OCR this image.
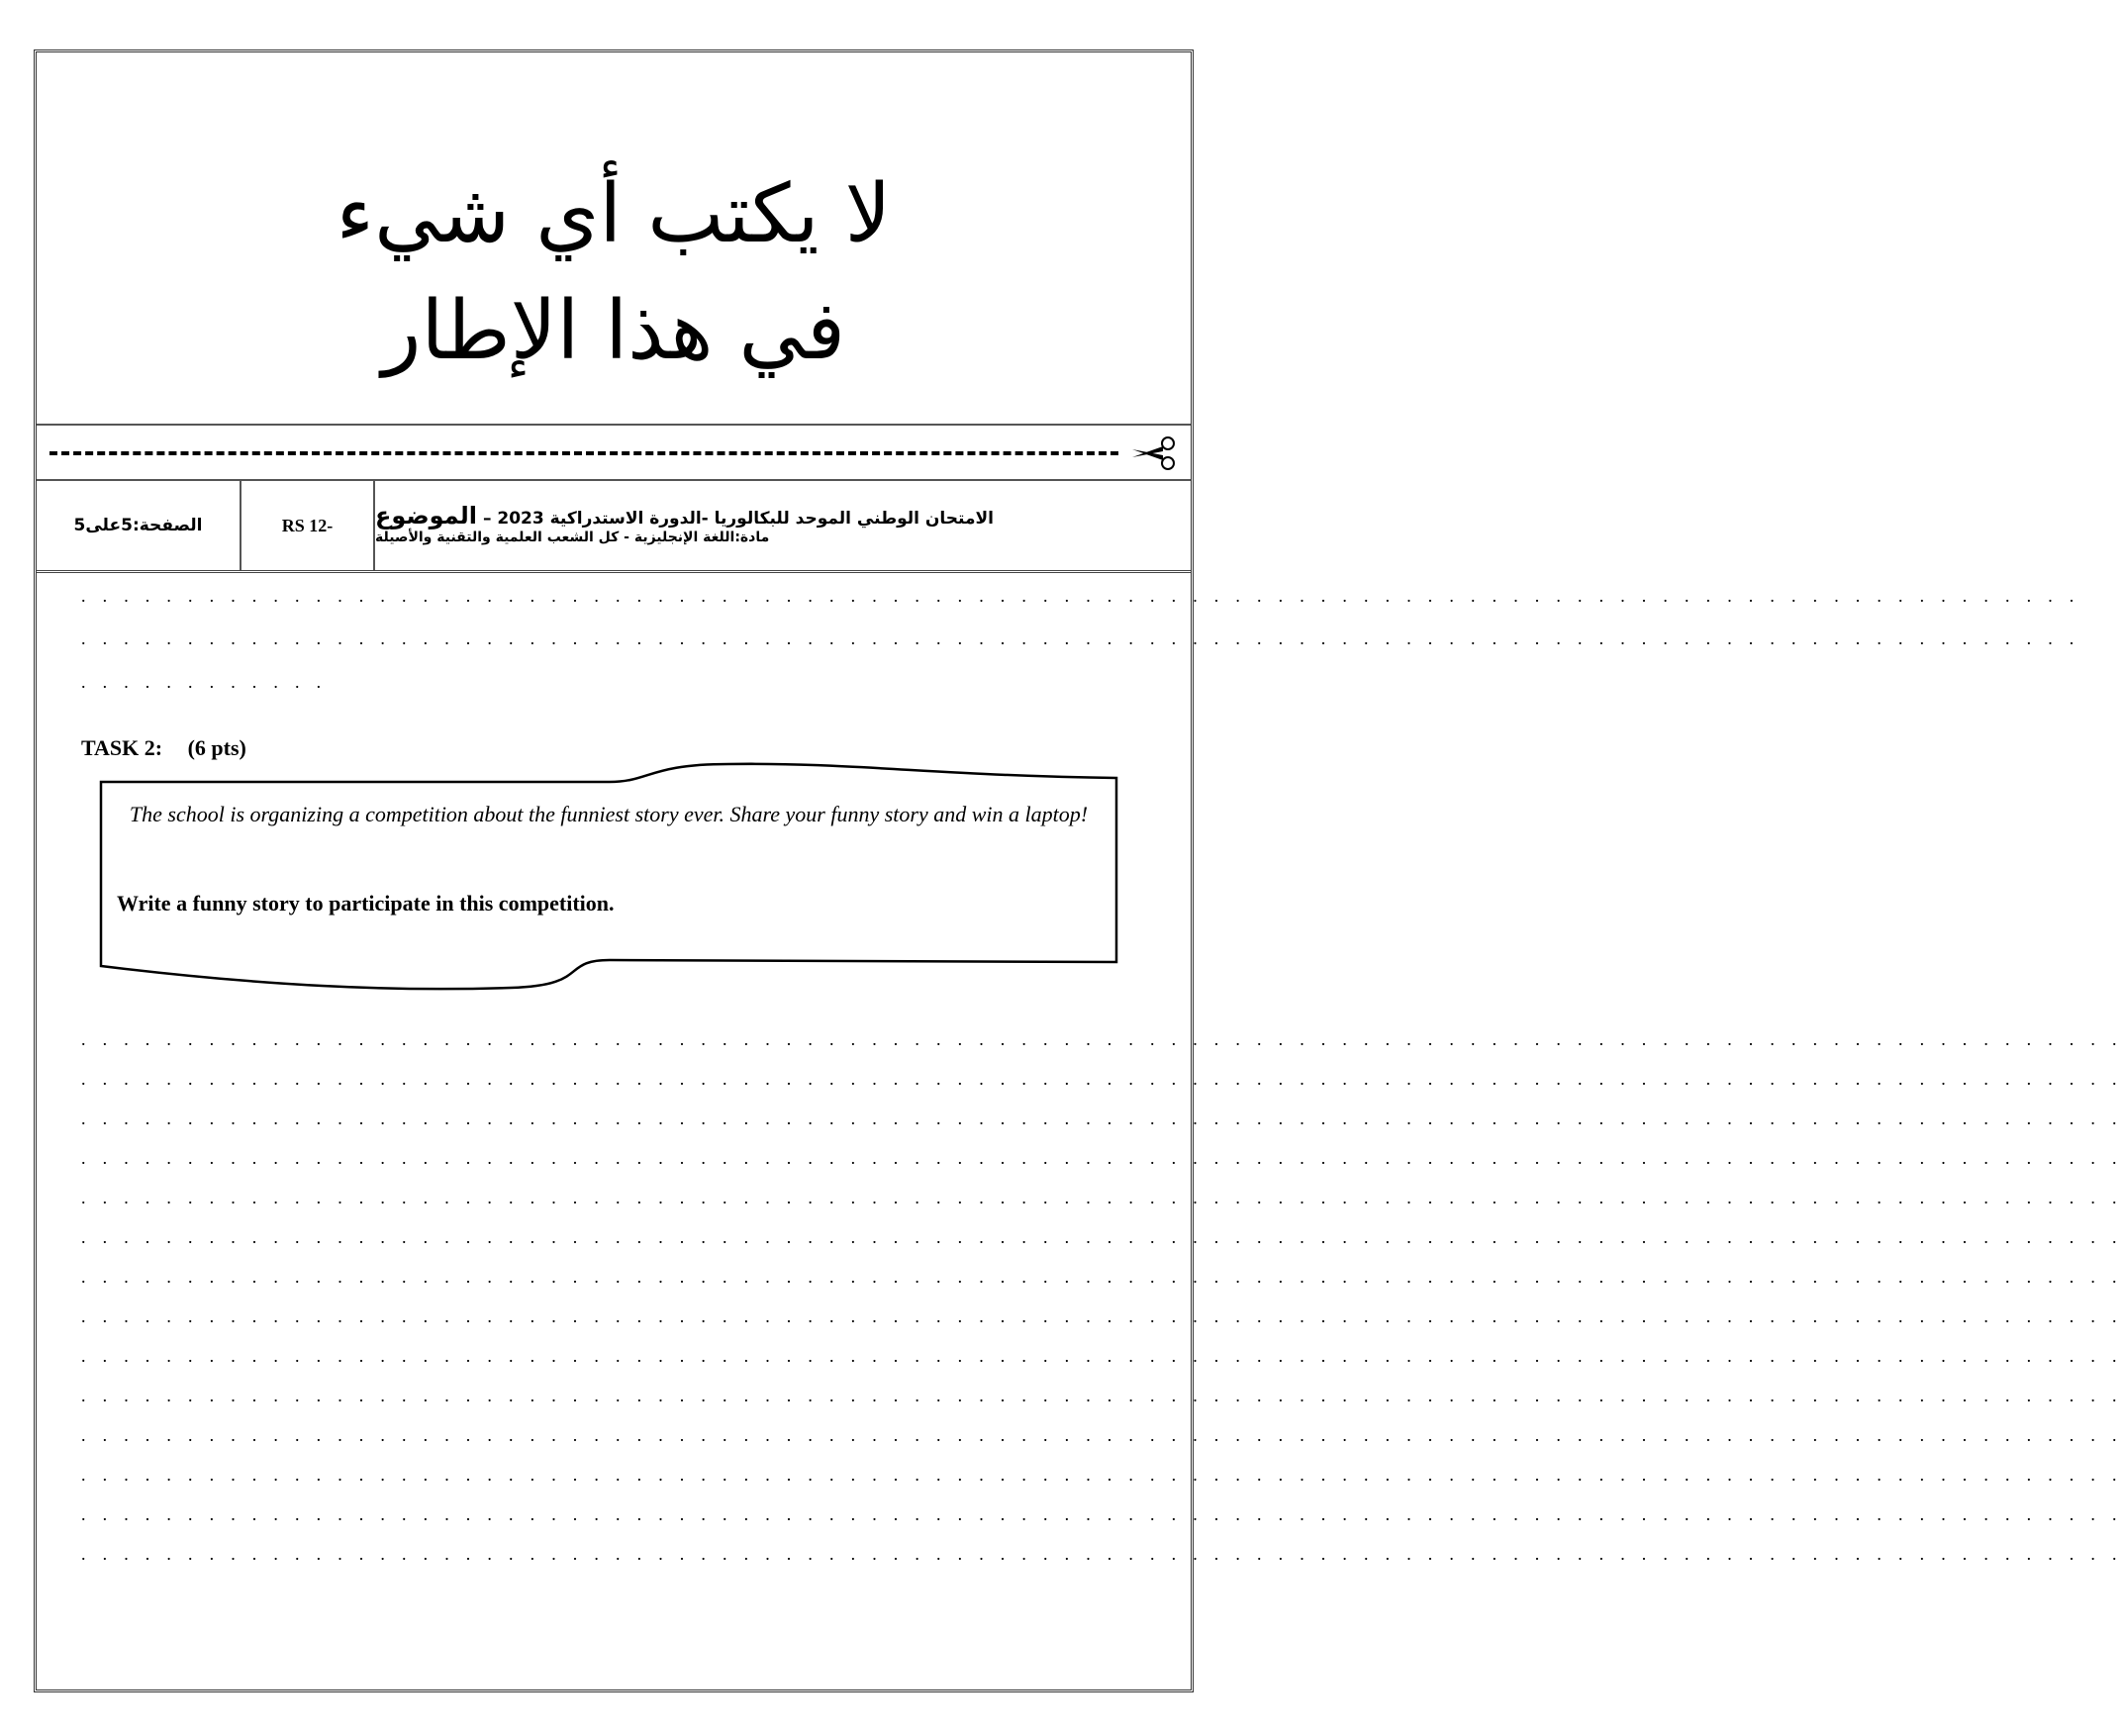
لا يكتب أي شيء
في هذا الإطار
الصفحة:5على5	RS 12-	الامتحان الوطني الموحد للبكالوريا -الدورة الاستدراكية 2023 – الموضوع
مادة:اللغة الإنجليزية - كل الشعب العلمية والتقنية والأصيلة
. . . . . . . . . . . . . . . . . . . . . . . . . . . . . . . . . . . . . . . . . . . . . . . . . . . . . . . . . . . . . . . . . . . . . . . . . . . . . . . . . . . . . . . . . . . . . .
. . . . . . . . . . . . . . . . . . . . . . . . . . . . . . . . . . . . . . . . . . . . . . . . . . . . . . . . . . . . . . . . . . . . . . . . . . . . . . . . . . . . . . . . . . . . . .
. . . . . . . . . . . .
TASK 2: (6 pts)
The school is organizing a competition about the funniest story ever. Share your funny story and win a laptop!
Write a funny story to participate in this competition.
. . . . . . . . . . . . . . . . . . . . . . . . . . . . . . . . . . . . . . . . . . . . . . . . . . . . . . . . . . . . . . . . . . . . . . . . . . . . . . . . . . . . . . . . . . . . . . . .
. . . . . . . . . . . . . . . . . . . . . . . . . . . . . . . . . . . . . . . . . . . . . . . . . . . . . . . . . . . . . . . . . . . . . . . . . . . . . . . . . . . . . . . . . . . . . . . .
. . . . . . . . . . . . . . . . . . . . . . . . . . . . . . . . . . . . . . . . . . . . . . . . . . . . . . . . . . . . . . . . . . . . . . . . . . . . . . . . . . . . . . . . . . . . . . . .
. . . . . . . . . . . . . . . . . . . . . . . . . . . . . . . . . . . . . . . . . . . . . . . . . . . . . . . . . . . . . . . . . . . . . . . . . . . . . . . . . . . . . . . . . . . . . . . .
. . . . . . . . . . . . . . . . . . . . . . . . . . . . . . . . . . . . . . . . . . . . . . . . . . . . . . . . . . . . . . . . . . . . . . . . . . . . . . . . . . . . . . . . . . . . . . . .
. . . . . . . . . . . . . . . . . . . . . . . . . . . . . . . . . . . . . . . . . . . . . . . . . . . . . . . . . . . . . . . . . . . . . . . . . . . . . . . . . . . . . . . . . . . . . . . .
. . . . . . . . . . . . . . . . . . . . . . . . . . . . . . . . . . . . . . . . . . . . . . . . . . . . . . . . . . . . . . . . . . . . . . . . . . . . . . . . . . . . . . . . . . . . . . . .
. . . . . . . . . . . . . . . . . . . . . . . . . . . . . . . . . . . . . . . . . . . . . . . . . . . . . . . . . . . . . . . . . . . . . . . . . . . . . . . . . . . . . . . . . . . . . . . .
. . . . . . . . . . . . . . . . . . . . . . . . . . . . . . . . . . . . . . . . . . . . . . . . . . . . . . . . . . . . . . . . . . . . . . . . . . . . . . . . . . . . . . . . . . . . . . . .
. . . . . . . . . . . . . . . . . . . . . . . . . . . . . . . . . . . . . . . . . . . . . . . . . . . . . . . . . . . . . . . . . . . . . . . . . . . . . . . . . . . . . . . . . . . . . . . .
. . . . . . . . . . . . . . . . . . . . . . . . . . . . . . . . . . . . . . . . . . . . . . . . . . . . . . . . . . . . . . . . . . . . . . . . . . . . . . . . . . . . . . . . . . . . . . . .
. . . . . . . . . . . . . . . . . . . . . . . . . . . . . . . . . . . . . . . . . . . . . . . . . . . . . . . . . . . . . . . . . . . . . . . . . . . . . . . . . . . . . . . . . . . . . . . .
. . . . . . . . . . . . . . . . . . . . . . . . . . . . . . . . . . . . . . . . . . . . . . . . . . . . . . . . . . . . . . . . . . . . . . . . . . . . . . . . . . . . . . . . . . . . . . . .
. . . . . . . . . . . . . . . . . . . . . . . . . . . . . . . . . . . . . . . . . . . . . . . . . . . . . . . . . . . . . . . . . . . . . . . . . . . . . . . . . . . . . . . . . . . . . . . .
